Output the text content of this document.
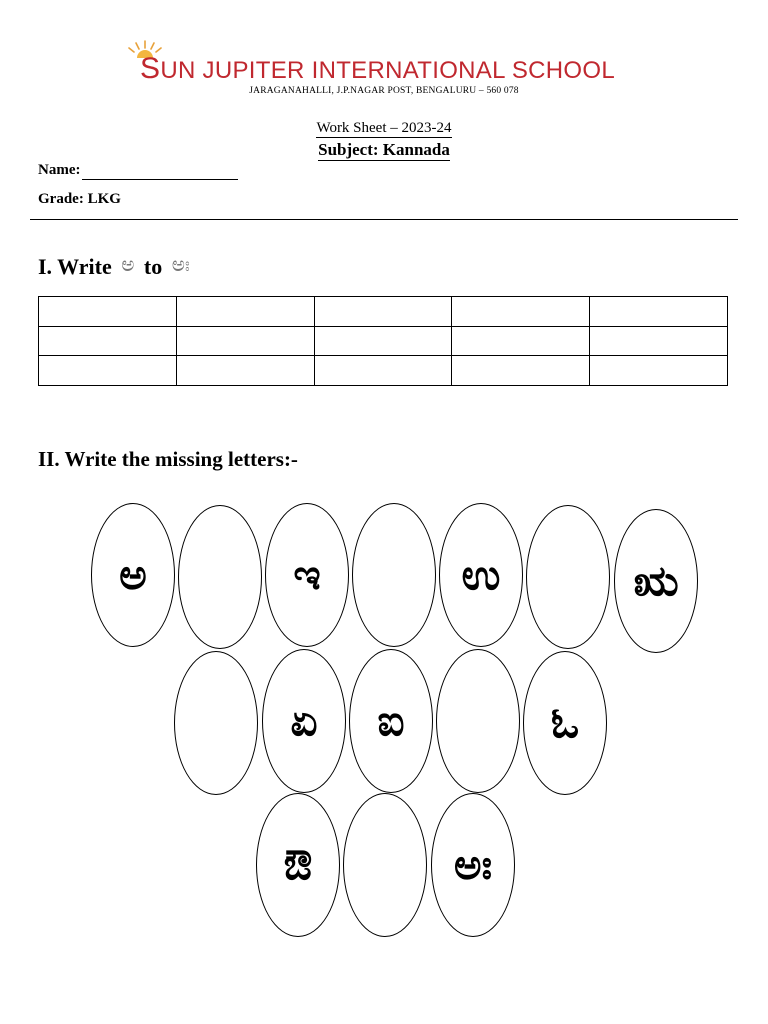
SUN JUPITER INTERNATIONAL SCHOOL
JARAGANAHALLI, J.P.NAGAR POST, BENGALURU – 560 078
Work Sheet – 2023-24
Subject: Kannada
Name:
Grade: LKG
I. Write ಅ to ಅಃ

II. Write the missing letters:-
ಅ	ಇ	ಉ	ಋ
ಏ	ಐ	ಓ
ಔ	ಅಃ
